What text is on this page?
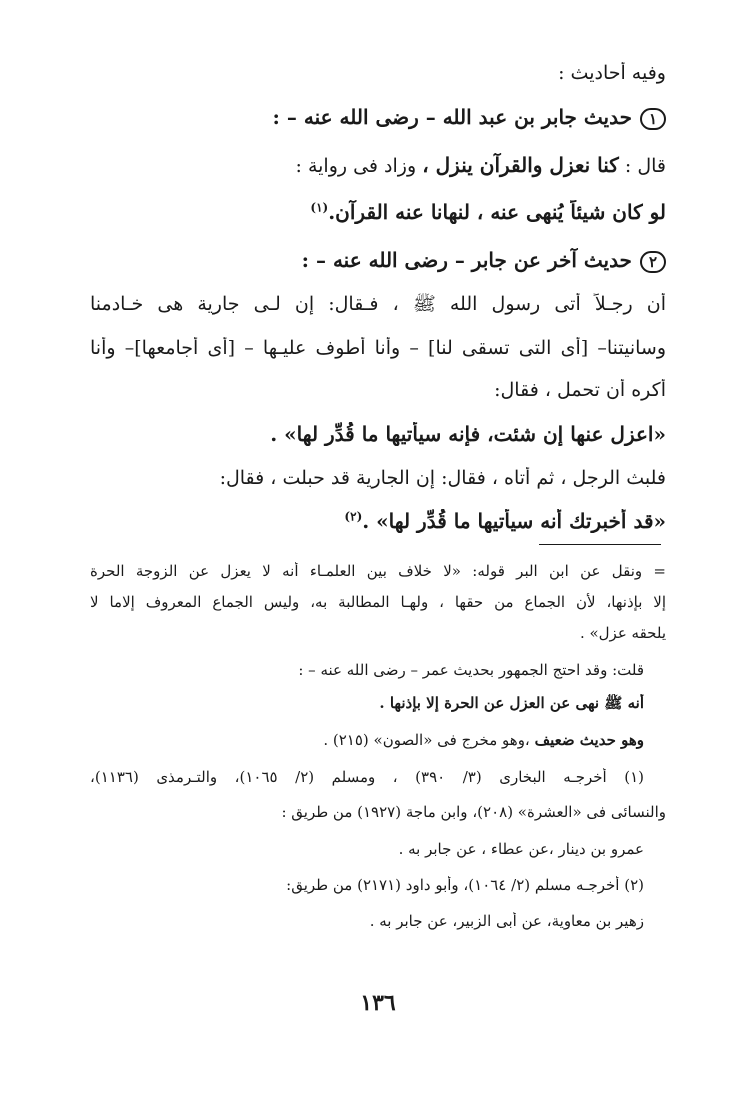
وفيه أحاديث :
١حديث جابر بن عبد الله – رضى الله عنه – :
قال : كنا نعزل والقرآن ينزل ، وزاد فى رواية :
لو كان شيئاً يُنهى عنه ، لنهانا عنه القرآن.$^{(١)}$
٢حديث آخر عن جابر – رضى الله عنه – :
أن رجـلاً أتى رسول الله ﷺ ، فـقال: إن لـى جارية هى خـادمنا
وسانيتنا– [أى التى تسقى لنا] – وأنا أطوف عليـها – [أى أجامعها]– وأنا
أكره أن تحمل ، فقال:
«اعزل عنها إن شئت، فإنه سيأتيها ما قُدِّر لها» .
فلبث الرجل ، ثم أتاه ، فقال: إن الجارية قد حبلت ، فقال:
«قد أخبرتك أنه سيأتيها ما قُدِّر لها» .$^{(٢)}$
= ونقل عن ابن البر قوله: «لا خلاف بين العلمـاء أنه لا يعزل عن الزوجة الحرة
إلا بإذنها، لأن الجماع من حقها ، ولهـا المطالبة به، وليس الجماع المعروف إلاما لا
يلحقه عزل» .
قلت: وقد احتج الجمهور بحديث عمر – رضى الله عنه – :
أنه ﷺ نهى عن العزل عن الحرة إلا بإذنها .
وهو حديث ضعيف ،وهو مخرج فى «الصون» (٢١٥) .
(١) أخرجـه البخارى (٣/ ٣٩٠) ، ومسلم (٢/ ١٠٦٥)، والتـرمذى (١١٣٦)،
والنسائى فى «العشرة» (٢٠٨)، وابن ماجة (١٩٢٧) من طريق :
عمرو بن دينار ،عن عطاء ، عن جابر به .
(٢) أخرجـه مسلم (٢/ ١٠٦٤)، وأبو داود (٢١٧١) من طريق:
زهير بن معاوية، عن أبى الزبير، عن جابر به .
١٣٦
